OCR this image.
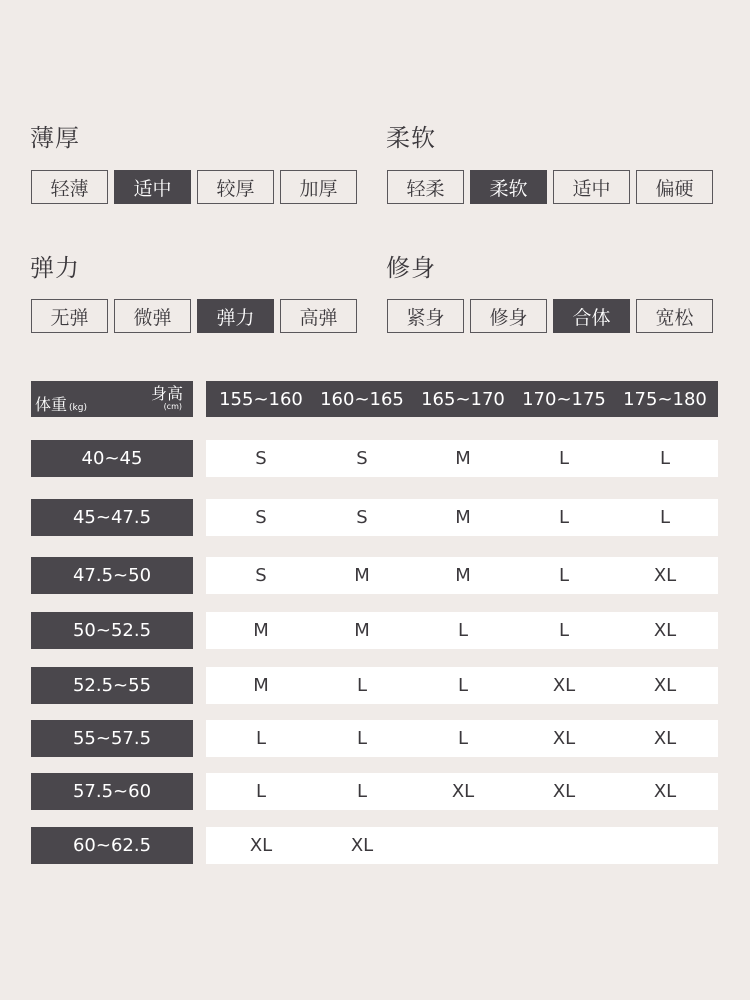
薄厚
轻薄	适中	较厚	加厚
柔软
轻柔	柔软	适中	偏硬
弹力
无弹	微弹	弹力	高弹
修身
紧身	修身	合体	宽松
身高
(cm)
体重 (kg)	155~160 160~165 165~170 170~175 175~180
40~45	S	S	M	L	L
45~47.5	S	S	M	L	L
47.5~50	S	M	M	L	XL
50~52.5	M	M	L	L	XL
52.5~55	M	L	L	XL	XL
55~57.5	L	L	L	XL	XL
57.5~60	L	L	XL	XL	XL
60~62.5	XL	XL
